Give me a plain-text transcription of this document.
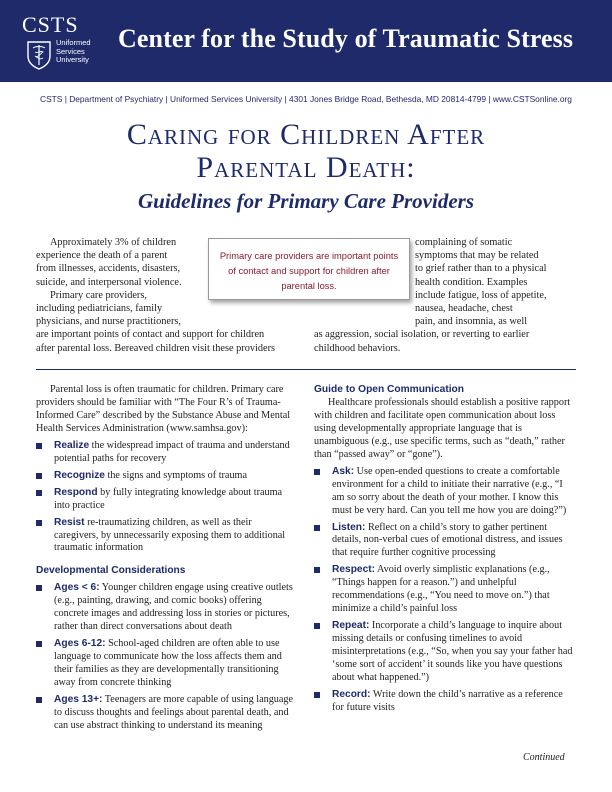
CSTS
Uniformed
Services
University
Center for the Study of Traumatic Stress
CSTS | Department of Psychiatry | Uniformed Services University | 4301 Jones Bridge Road, Bethesda, MD 20814-4799 | www.CSTSonline.org
Caring for Children After
Parental Death:
Guidelines for Primary Care Providers
Approximately 3% of children
experience the death of a parent
from illnesses, accidents, disasters,
suicide, and interpersonal violence.
Primary care providers,
including pediatricians, family
physicians, and nurse practitioners,
are important points of contact and support for children
after parental loss. Bereaved children visit these providers
complaining of somatic
symptoms that may be related
to grief rather than to a physical
health condition. Examples
include fatigue, loss of appetite,
nausea, headache, chest
pain, and insomnia, as well
as aggression, social isolation, or reverting to earlier
childhood behaviors.
Primary care providers are important points of contact and support for children after parental loss.

Parental loss is often traumatic for children. Primary care providers should be familiar with “The Four R’s of Trauma-Informed Care” described by the Substance Abuse and Mental Health Services Administration (www.samhsa.gov):

Realize the widespread impact of trauma and understand potential paths for recovery
Recognize the signs and symptoms of trauma
Respond by fully integrating knowledge about trauma into practice
Resist re-traumatizing children, as well as their caregivers, by unnecessarily exposing them to additional traumatic information

Developmental Considerations

Ages < 6: Younger children engage using creative outlets (e.g., painting, drawing, and comic books) offering concrete images and addressing loss in stories or pictures, rather than direct conversations about death
Ages 6-12: School-aged children are often able to use language to communicate how the loss affects them and their families as they are developmentally transitioning away from concrete thinking
Ages 13+: Teenagers are more capable of using language to discuss thoughts and feelings about parental death, and can use abstract thinking to understand its meaning

Guide to Open Communication

Healthcare professionals should establish a positive rapport with children and facilitate open communication about loss using developmentally appropriate language that is unambiguous (e.g., use specific terms, such as “death,” rather than “passed away” or “gone”).

Ask: Use open-ended questions to create a comfortable environment for a child to initiate their narrative (e.g., “I am so sorry about the death of your mother. I know this must be very hard. Can you tell me how you are doing?”)
Listen: Reflect on a child’s story to gather pertinent details, non-verbal cues of emotional distress, and issues that require further cognitive processing
Respect: Avoid overly simplistic explanations (e.g., “Things happen for a reason.”) and unhelpful recommendations (e.g., “You need to move on.”) that minimize a child’s painful loss
Repeat: Incorporate a child’s language to inquire about missing details or confusing timelines to avoid misinterpretations (e.g., “So, when you say your father had ‘some sort of accident’ it sounds like you have questions about what happened.”)
Record: Write down the child’s narrative as a reference for future visits
Continued
